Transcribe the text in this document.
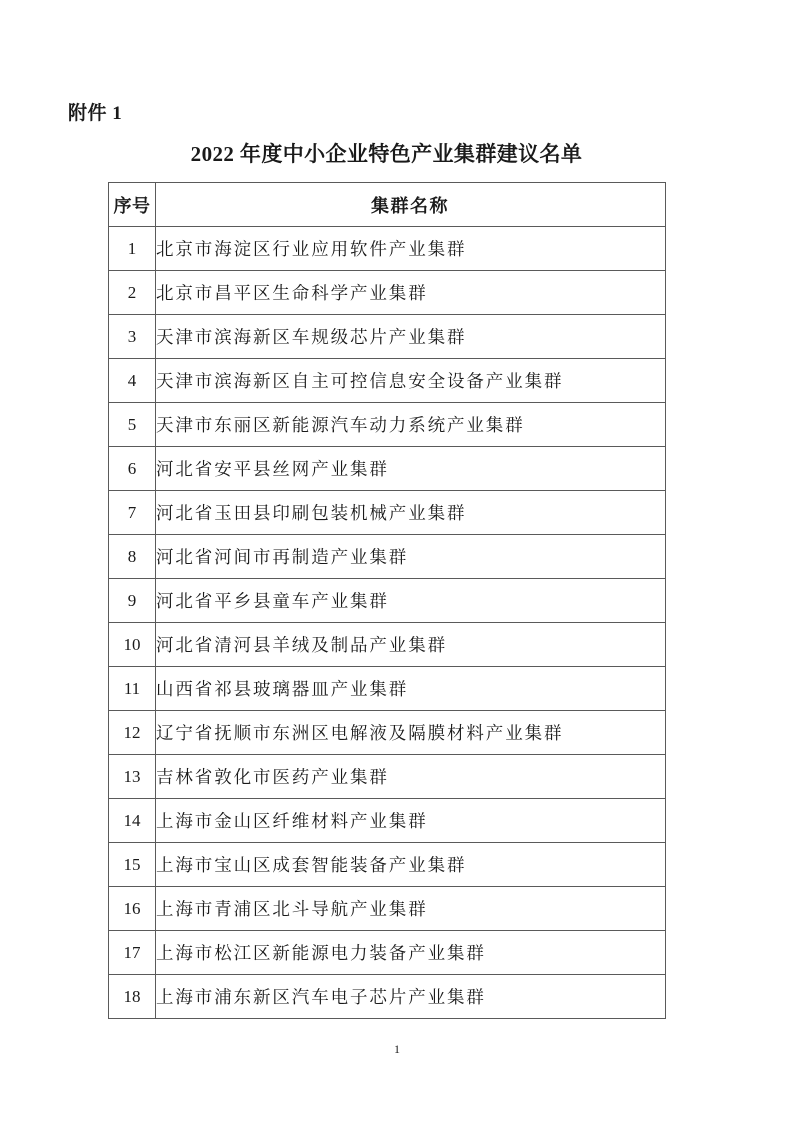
附件 1
2022 年度中小企业特色产业集群建议名单
序号	集群名称

1	北京市海淀区行业应用软件产业集群

2	北京市昌平区生命科学产业集群

3	天津市滨海新区车规级芯片产业集群

4	天津市滨海新区自主可控信息安全设备产业集群

5	天津市东丽区新能源汽车动力系统产业集群

6	河北省安平县丝网产业集群

7	河北省玉田县印刷包装机械产业集群

8	河北省河间市再制造产业集群

9	河北省平乡县童车产业集群

10	河北省清河县羊绒及制品产业集群

11	山西省祁县玻璃器皿产业集群

12	辽宁省抚顺市东洲区电解液及隔膜材料产业集群

13	吉林省敦化市医药产业集群

14	上海市金山区纤维材料产业集群

15	上海市宝山区成套智能装备产业集群

16	上海市青浦区北斗导航产业集群

17	上海市松江区新能源电力装备产业集群

18	上海市浦东新区汽车电子芯片产业集群
1
